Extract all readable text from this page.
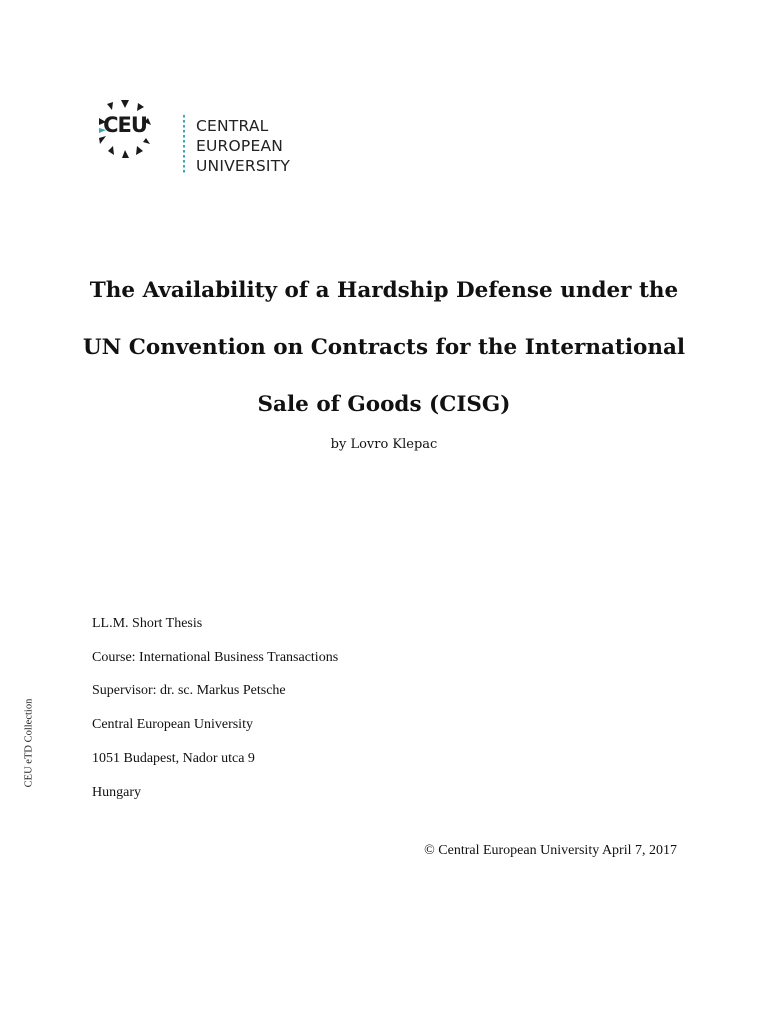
CEU	CENTRAL
EUROPEAN
UNIVERSITY
The Availability of a Hardship Defense under the
UN Convention on Contracts for the International
Sale of Goods (CISG)
by Lovro Klepac
LL.M. Short Thesis
Course: International Business Transactions
Supervisor: dr. sc. Markus Petsche
Central European University
1051 Budapest, Nador utca 9
Hungary
© Central European University April 7, 2017
CEU eTD Collection
